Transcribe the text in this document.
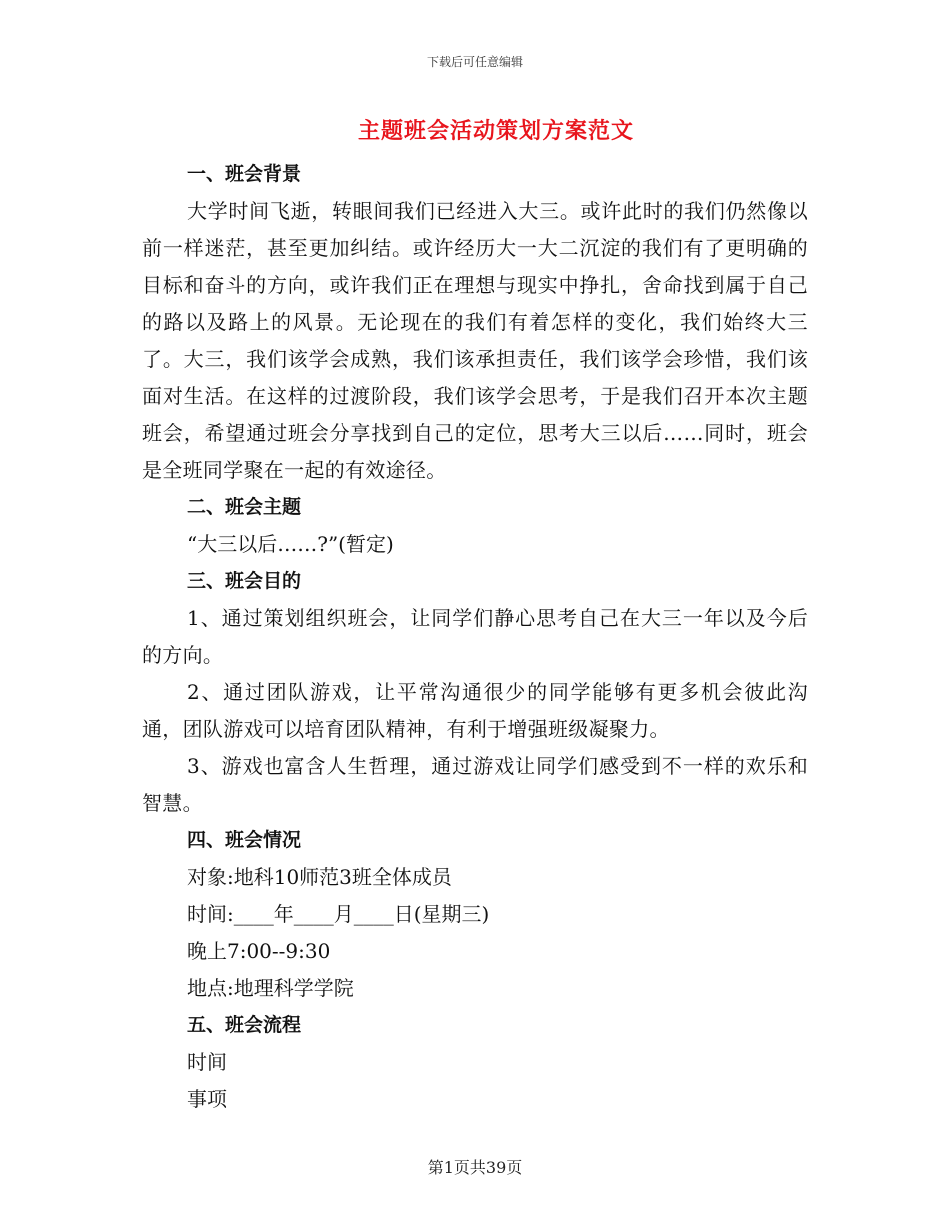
下载后可任意编辑
主题班会活动策划方案范文
一、班会背景
大学时间飞逝，转眼间我们已经进入大三。或许此时的我们仍然像以前一样迷茫，甚至更加纠结。或许经历大一大二沉淀的我们有了更明确的目标和奋斗的方向，或许我们正在理想与现实中挣扎，舍命找到属于自己的路以及路上的风景。无论现在的我们有着怎样的变化，我们始终大三了。大三，我们该学会成熟，我们该承担责任，我们该学会珍惜，我们该面对生活。在这样的过渡阶段，我们该学会思考，于是我们召开本次主题班会，希望通过班会分享找到自己的定位，思考大三以后……同时，班会是全班同学聚在一起的有效途径。
二、班会主题
“大三以后……?”(暂定)
三、班会目的
1、通过策划组织班会，让同学们静心思考自己在大三一年以及今后的方向。
2、通过团队游戏，让平常沟通很少的同学能够有更多机会彼此沟通，团队游戏可以培育团队精神，有利于增强班级凝聚力。
3、游戏也富含人生哲理，通过游戏让同学们感受到不一样的欢乐和智慧。
四、班会情况
对象:地科10师范3班全体成员
时间:____年____月____日(星期三)
晚上7:00--9:30
地点:地理科学学院
五、班会流程
时间
事项
第1页共39页
